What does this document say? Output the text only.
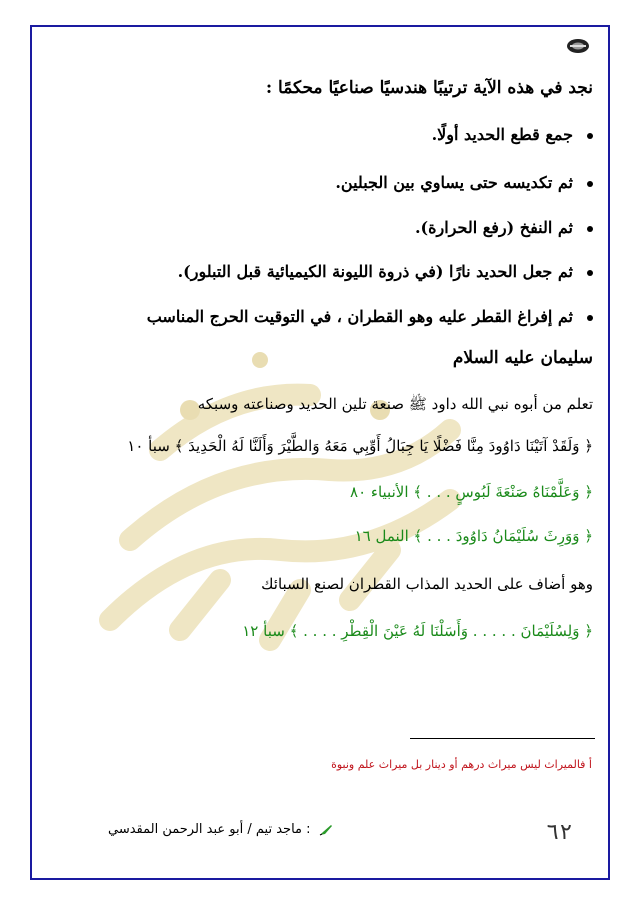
نجد في هذه الآية ترتيبًا هندسيًا صناعيًا محكمًا :
جمع قطع الحديد أولًا.
ثم تكديسه حتى يساوي بين الجبلين.
ثم النفخ (رفع الحرارة).
ثم جعل الحديد نارًا (في ذروة الليونة الكيميائية قبل التبلور).
ثم إفراغ القطر عليه وهو القطران ، في التوقيت الحرج المناسب
سليمان عليه السلام
تعلم من أبوه نبي الله داود ﷺ صنعة تلين الحديد وصناعته وسبكه
﴿ وَلَقَدْ آتَيْنَا دَاوُودَ مِنَّا فَضْلًا يَا جِبَالُ أَوِّبِي مَعَهُ وَالطَّيْرَ وَأَلَنَّا لَهُ الْحَدِيدَ ﴾ سبأ ١٠
﴿ وَعَلَّمْنَاهُ صَنْعَةَ لَبُوسٍ . . . ﴾ الأنبياء ٨٠
﴿ وَوَرِثَ سُلَيْمَانُ دَاوُودَ . . . ﴾ النمل ١٦
وهو أضاف على الحديد المذاب القطران لصنع السبائك
﴿ وَلِسُلَيْمَانَ . . . . . وَأَسَلْنَا لَهُ عَيْنَ الْقِطْرِ . . . . ﴾ سبأ ١٢
أ فالميراث ليس ميراث درهم أو دينار بل ميراث علم ونبوة
٦٢
: ماجد تيم / أبو عبد الرحمن المقدسي
